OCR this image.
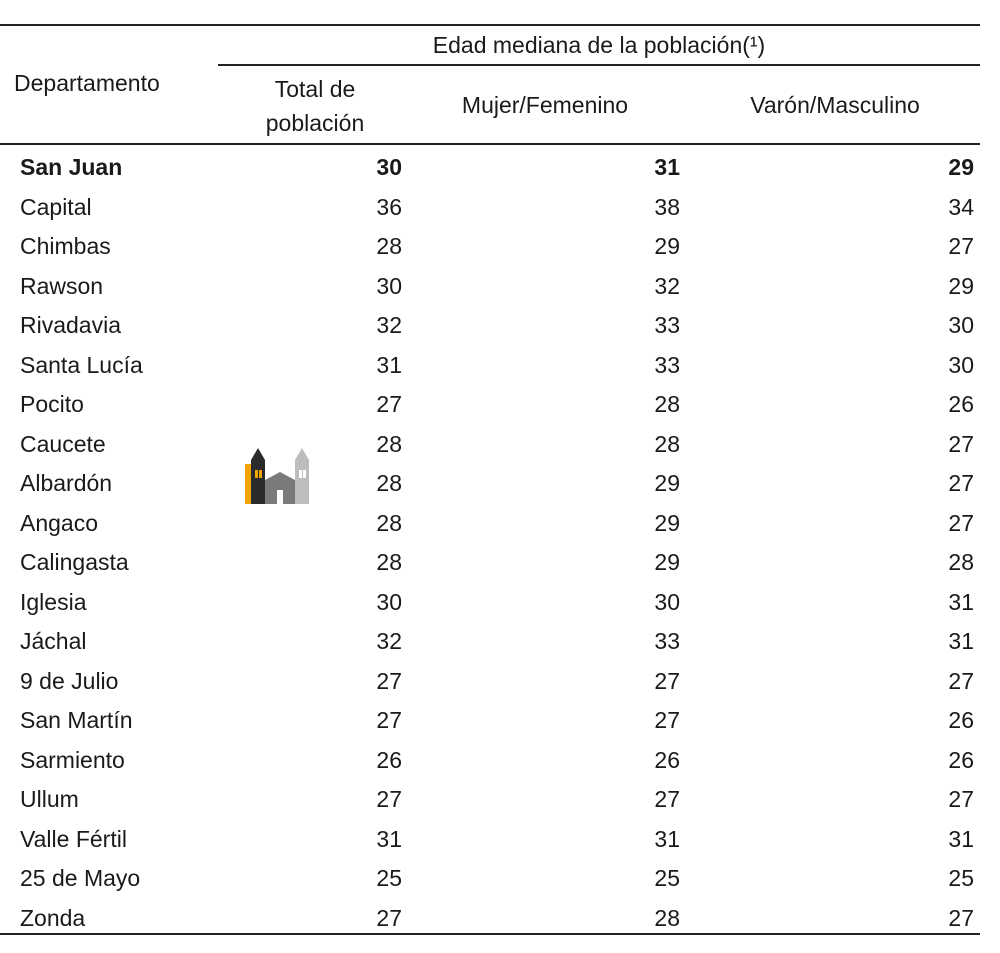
Edad mediana de la población(¹)
Departamento	Total de
población
Mujer/Femenino	Varón/Masculino
San Juan	30	31	29
Capital	36	38	34
Chimbas	28	29	27
Rawson	30	32	29
Rivadavia	32	33	30
Santa Lucía	31	33	30
Pocito	27	28	26
Caucete	28	28	27
Albardón	28	29	27
Angaco	28	29	27
Calingasta	28	29	28
Iglesia	30	30	31
Jáchal	32	33	31
9 de Julio	27	27	27
San Martín	27	27	26
Sarmiento	26	26	26
Ullum	27	27	27
Valle Fértil	31	31	31
25 de Mayo	25	25	25
Zonda	27	28	27
